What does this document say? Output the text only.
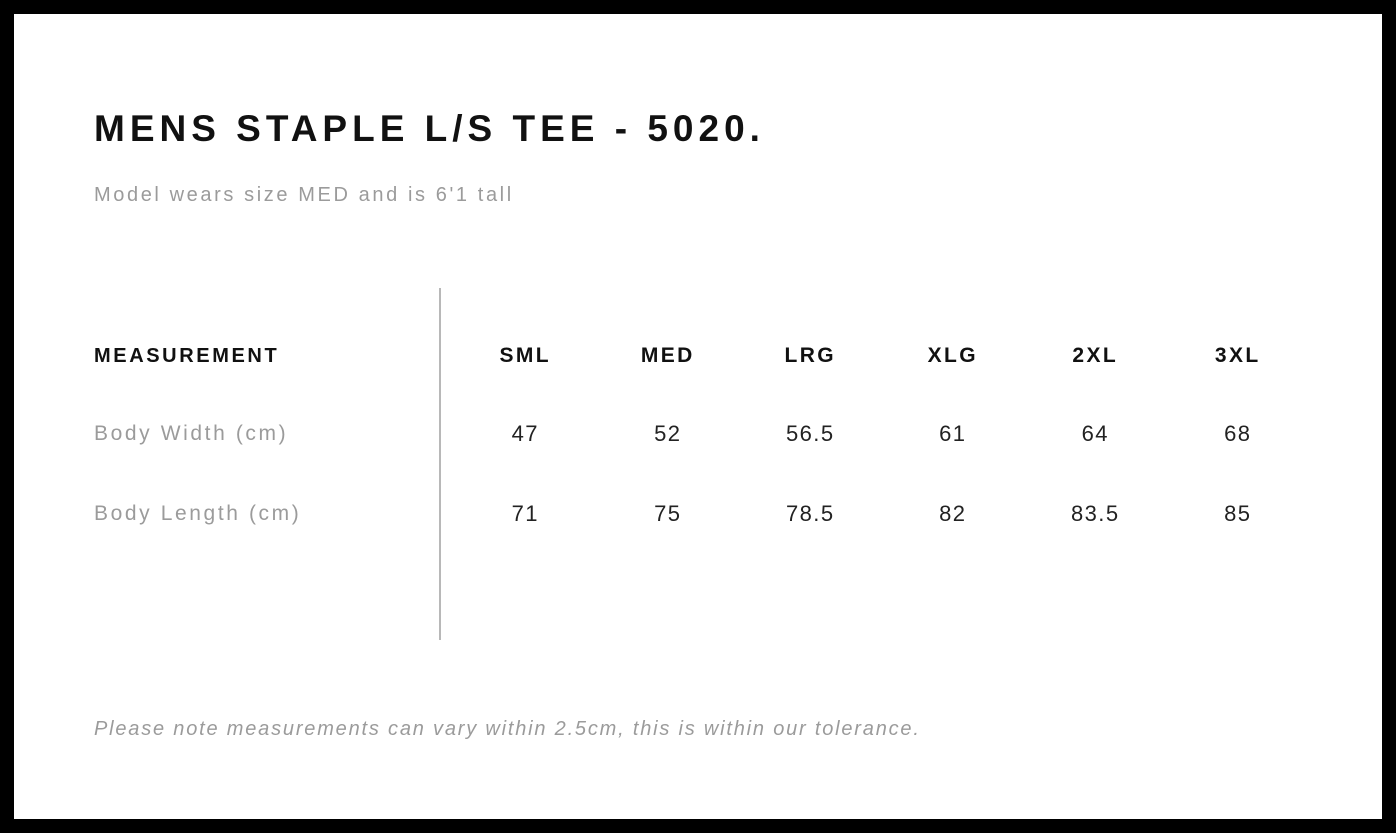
MENS STAPLE L/S TEE - 5020.
Model wears size MED and is 6'1 tall
MEASUREMENT	SML	MED	LRG	XLG	2XL	3XL
Body Width (cm)	47	52	56.5	61	64	68
Body Length (cm)	71	75	78.5	82	83.5	85
Please note measurements can vary within 2.5cm, this is within our tolerance.
